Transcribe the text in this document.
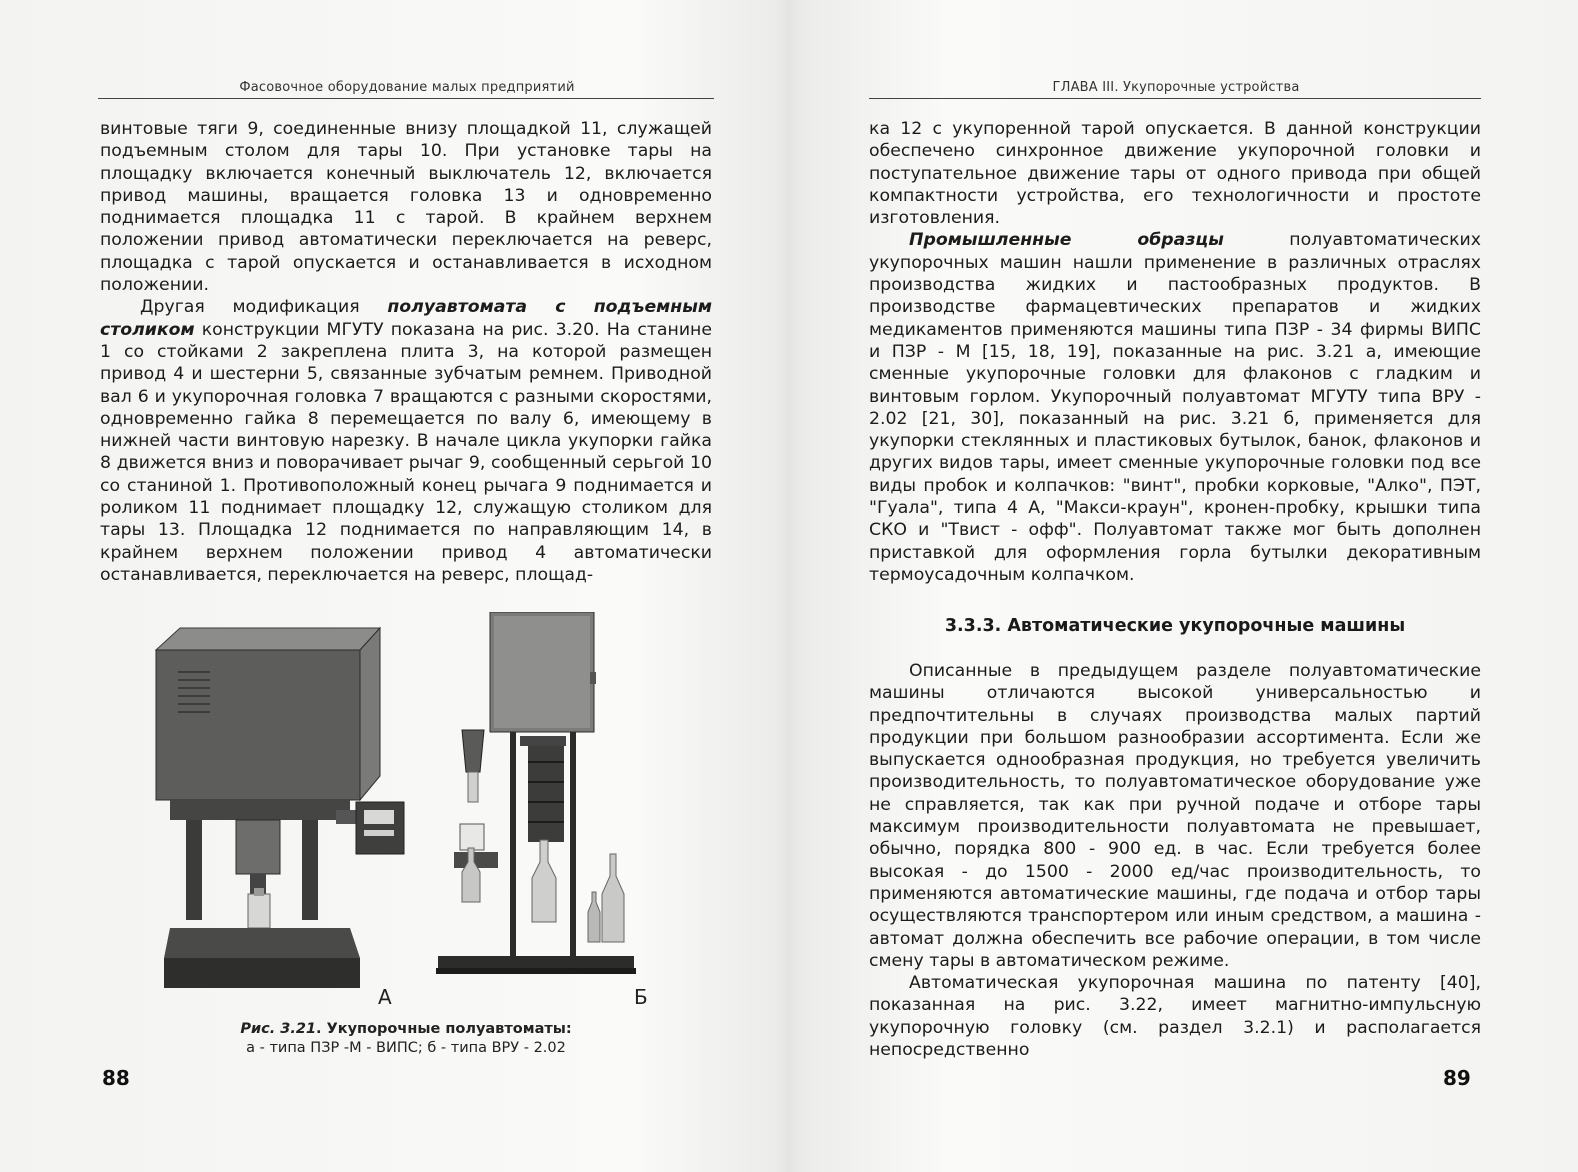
Фасовочное оборудование малых предприятий

винтовые тяги 9, соединенные внизу площадкой 11, служащей подъемным столом для тары 10. При установке тары на площадку включается конечный выключатель 12, включается привод машины, вращается головка 13 и одновременно поднимается площадка 11 с тарой. В крайнем верхнем положении привод автоматически переключается на реверс, площадка с тарой опускается и останавливается в исходном положении.

Другая модификация полуавтомата с подъемным столиком конструкции МГУТУ показана на рис. 3.20. На станине 1 со стойками 2 закреплена плита 3, на которой размещен привод 4 и шестерни 5, связанные зубчатым ремнем. Приводной вал 6 и укупорочная головка 7 вращаются с разными скоростями, одновременно гайка 8 перемещается по валу 6, имеющему в нижней части винтовую нарезку. В начале цикла укупорки гайка 8 движется вниз и поворачивает рычаг 9, сообщенный серьгой 10 со станиной 1. Противоположный конец рычага 9 поднимается и роликом 11 поднимает площадку 12, служащую столиком для тары 13. Площадка 12 поднимается по направляющим 14, в крайнем верхнем положении привод 4 автоматически останавливается, переключается на реверс, площад-

А	Б
Рис. 3.21. Укупорочные полуавтоматы:
а - типа ПЗР -М - ВИПС; б - типа ВРУ - 2.02
88
ГЛАВА III. Укупорочные устройства

ка 12 с укупоренной тарой опускается. В данной конструкции обеспечено синхронное движение укупорочной головки и поступательное движение тары от одного привода при общей компактности устройства, его технологичности и простоте изготовления.

Промышленные образцы	полуавтоматических укупорочных машин нашли применение в различных отраслях производства жидких и пастообразных продуктов. В производстве фармацевтических препаратов и жидких медикаментов применяются машины типа ПЗР - 34 фирмы ВИПС и ПЗР - М [15, 18, 19], показанные на рис. 3.21 а, имеющие сменные укупорочные головки для флаконов с гладким и винтовым горлом. Укупорочный полуавтомат МГУТУ типа ВРУ - 2.02 [21, 30], показанный на рис. 3.21 б, применяется для укупорки стеклянных и пластиковых бутылок, банок, флаконов и других видов тары, имеет сменные укупорочные головки под все виды пробок и колпачков: "винт", пробки корковые, "Алко", ПЭТ, "Гуала", типа 4 А, "Макси-краун", кронен-пробку, крышки типа СКО и "Твист - офф". Полуавтомат также мог быть дополнен приставкой для оформления горла бутылки декоративным термоусадочным колпачком.

3.3.3. Автоматические укупорочные машины

Описанные в предыдущем разделе полуавтоматические машины отличаются высокой универсальностью и предпочтительны в случаях производства малых партий продукции при большом разнообразии ассортимента. Если же выпускается однообразная продукция, но требуется увеличить производительность, то полуавтоматическое оборудование уже не справляется, так как при ручной подаче и отборе тары максимум производительности полуавтомата не превышает, обычно, порядка 800 - 900 ед. в час. Если требуется более высокая - до 1500 - 2000 ед/час производительность, то применяются автоматические машины, где подача и отбор тары осуществляются транспортером или иным средством, а машина - автомат должна обеспечить все рабочие операции, в том числе смену тары в автоматическом режиме.

Автоматическая укупорочная машина по патенту [40], показанная на рис. 3.22, имеет магнитно-импульсную укупорочную головку (см. раздел 3.2.1) и располагается непосредственно

89
